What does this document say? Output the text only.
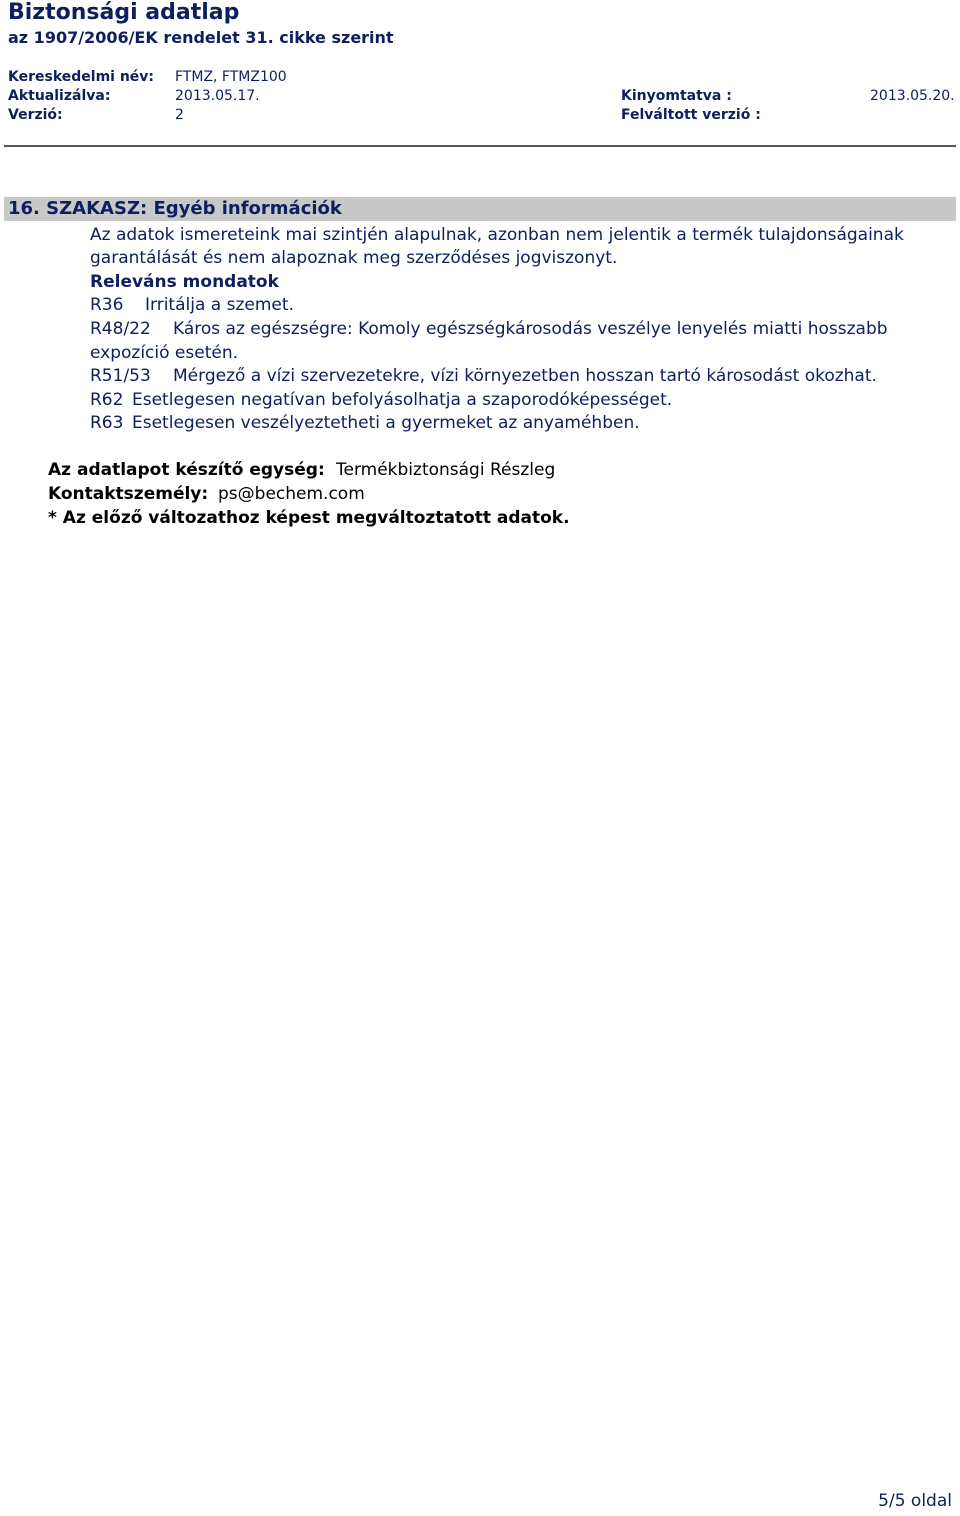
Biztonsági adatlap
az 1907/2006/EK rendelet 31. cikke szerint
Kereskedelmi név: FTMZ, FTMZ100
Aktualizálva:	2013.05.17.	Kinyomtatva :	2013.05.20.
Verzió:	2	Felváltott verzió :
16. SZAKASZ: Egyéb információk
Az adatok ismereteink mai szintjén alapulnak, azonban nem jelentik a termék tulajdonságainak
garantálását és nem alapoznak meg szerződéses jogviszonyt.
Releváns mondatok
R36 Irritálja a szemet.
R48/22 Káros az egészségre: Komoly egészségkárosodás veszélye lenyelés miatti hosszabb
expozíció esetén.
R51/53 Mérgező a vízi szervezetekre, vízi környezetben hosszan tartó károsodást okozhat.
R62 Esetlegesen negatívan befolyásolhatja a szaporodóképességet.
R63 Esetlegesen veszélyeztetheti a gyermeket az anyaméhben.
Az adatlapot készítő egység: Termékbiztonsági Részleg
Kontaktszemély: ps@bechem.com
* Az előző változathoz képest megváltoztatott adatok.
5/5 oldal
